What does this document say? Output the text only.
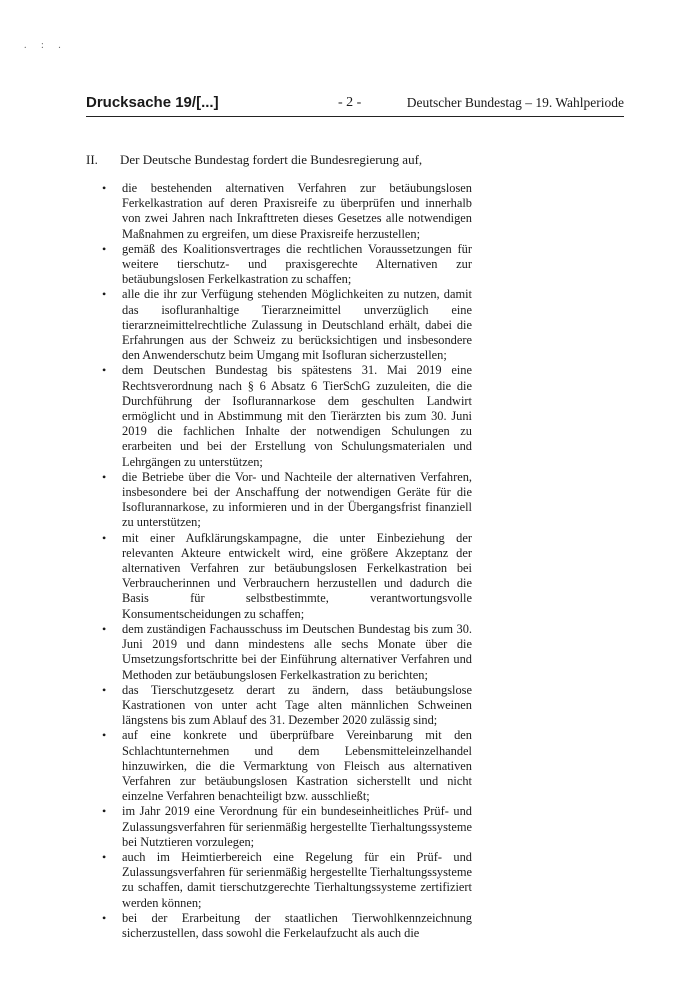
. : .
Drucksache 19/[...]	- 2 -	Deutscher Bundestag – 19. Wahlperiode
II. Der Deutsche Bundestag fordert die Bundesregierung auf,
• die bestehenden alternativen Verfahren zur betäubungslosen Ferkelkastration auf deren Praxisreife zu überprüfen und innerhalb von zwei Jahren nach Inkrafttreten dieses Gesetzes alle notwendigen Maßnahmen zu ergreifen, um diese Praxisreife herzustellen;
• gemäß des Koalitionsvertrages die rechtlichen Voraussetzungen für weitere tierschutz- und praxisgerechte Alternativen zur betäubungslosen Ferkelkastration zu schaffen;
• alle die ihr zur Verfügung stehenden Möglichkeiten zu nutzen, damit das isofluranhaltige Tierarzneimittel unverzüglich eine tierarzneimittelrechtliche Zulassung in Deutschland erhält, dabei die Erfahrungen aus der Schweiz zu berücksichtigen und insbesondere den Anwenderschutz beim Umgang mit Isofluran sicherzustellen;
• dem Deutschen Bundestag bis spätestens 31. Mai 2019 eine Rechtsverordnung nach § 6 Absatz 6 TierSchG zuzuleiten, die die Durchführung der Isoflurannarkose dem geschulten Landwirt ermöglicht und in Abstimmung mit den Tierärzten bis zum 30. Juni 2019 die fachlichen Inhalte der notwendigen Schulungen zu erarbeiten und bei der Erstellung von Schulungsmaterialen und Lehrgängen zu unterstützen;
• die Betriebe über die Vor- und Nachteile der alternativen Verfahren, insbesondere bei der Anschaffung der notwendigen Geräte für die Isoflurannarkose, zu informieren und in der Übergangsfrist finanziell zu unterstützen;
• mit einer Aufklärungskampagne, die unter Einbeziehung der relevanten Akteure entwickelt wird, eine größere Akzeptanz der alternativen Verfahren zur betäubungslosen Ferkelkastration bei Verbraucherinnen und Verbrauchern herzustellen und dadurch die Basis für selbstbestimmte, verantwortungsvolle Konsumentscheidungen zu schaffen;
• dem zuständigen Fachausschuss im Deutschen Bundestag bis zum 30. Juni 2019 und dann mindestens alle sechs Monate über die Umsetzungsfortschritte bei der Einführung alternativer Verfahren und Methoden zur betäubungslosen Ferkelkastration zu berichten;
• das Tierschutzgesetz derart zu ändern, dass betäubungslose Kastrationen von unter acht Tage alten männlichen Schweinen längstens bis zum Ablauf des 31. Dezember 2020 zulässig sind;
• auf eine konkrete und überprüfbare Vereinbarung mit den Schlachtunternehmen und dem Lebensmitteleinzelhandel hinzuwirken, die die Vermarktung von Fleisch aus alternativen Verfahren zur betäubungslosen Kastration sicherstellt und nicht einzelne Verfahren benachteiligt bzw. ausschließt;
• im Jahr 2019 eine Verordnung für ein bundeseinheitliches Prüf- und Zulassungsverfahren für serienmäßig hergestellte Tierhaltungssysteme bei Nutztieren vorzulegen;
• auch im Heimtierbereich eine Regelung für ein Prüf- und Zulassungsverfahren für serienmäßig hergestellte Tierhaltungssysteme zu schaffen, damit tierschutzgerechte Tierhaltungssysteme zertifiziert werden können;
• bei der Erarbeitung der staatlichen Tierwohlkennzeichnung sicherzustellen, dass sowohl die Ferkelaufzucht als auch die
